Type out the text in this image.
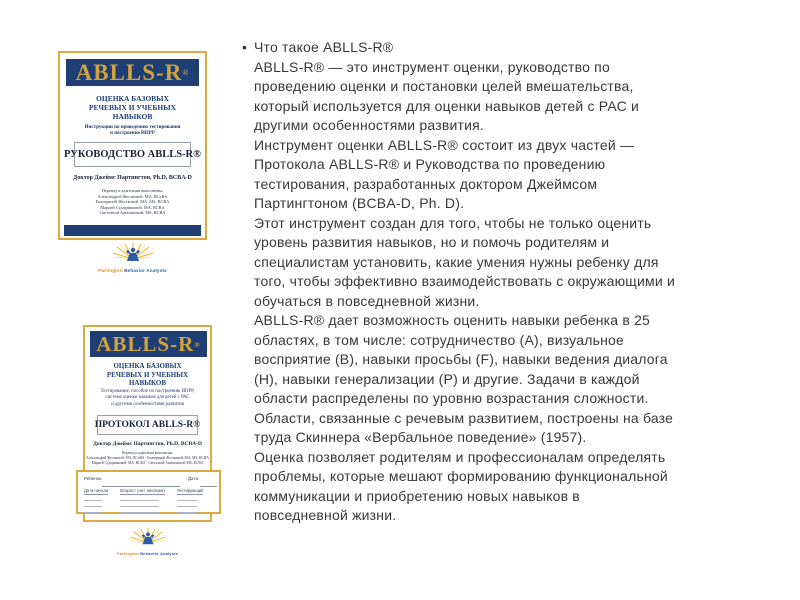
ABLLS-R ®
ОЦЕНКА БАЗОВЫХ
РЕЧЕВЫХ И УЧЕБНЫХ
НАВЫКОВ
Инструкции по проведению тестирования
и построение ИПРР
РУКОВОДСТВО ABLLS-R®
Доктор Джеймс Партингтон, Ph.D, BCBA-D
Перевод и адаптация выполнены:
Александрой Жестковой, MA, BCaBA
Екатериной Жестковой, MA, MS, BCBA
Марией Сударниковой, MA, BCBA
Светланой Анисимовой, MS, BCBA
Partington Behavior Analysts
ABLLS-R ®
ОЦЕНКА БАЗОВЫХ
РЕЧЕВЫХ И УЧЕБНЫХ
НАВЫКОВ
Тестирование, пособие по построению ИПРР,
система оценки навыков для детей с РАС
и другими особенностями развития
ПРОТОКОЛ ABLLS-R®
Доктор Джеймс Партингтон, Ph.D, BCBA-D
Перевод и адаптация выполнены:
Александрой Жестковой, MA, BCaBA · Екатериной Жестковой, MA, MS, BCBA
Марией Сударниковой, MA, BCBA · Светланой Анисимовой, MS, BCBA
Ребенок:	Дата:
Дата начала	Возраст (лет, месяцев)	Тестирующий
Partington Behavior Analysts
• Что такое ABLLS-R®
ABLLS-R® — это инструмент оценки, руководство по
проведению оценки и постановки целей вмешательства,
который используется для оценки навыков детей с РАС и
другими особенностями развития.
Инструмент оценки ABLLS-R® состоит из двух частей —
Протокола ABLLS-R® и Руководства по проведению
тестирования, разработанных доктором Джеймсом
Партингтоном (BCBA-D, Ph. D).
Этот инструмент создан для того, чтобы не только оценить
уровень развития навыков, но и помочь родителям и
специалистам установить, какие умения нужны ребенку для
того, чтобы эффективно взаимодействовать с окружающими и
обучаться в повседневной жизни.
ABLLS-R® дает возможность оценить навыки ребенка в 25
областях, в том числе: сотрудничество (A), визуальное
восприятие (B), навыки просьбы (F), навыки ведения диалога
(H), навыки генерализации (P) и другие. Задачи в каждой
области распределены по уровню возрастания сложности.
Области, связанные с речевым развитием, построены на базе
труда Скиннера «Вербальное поведение» (1957).
Оценка позволяет родителям и профессионалам определять
проблемы, которые мешают формированию функциональной
коммуникации и приобретению новых навыков в
повседневной жизни.
